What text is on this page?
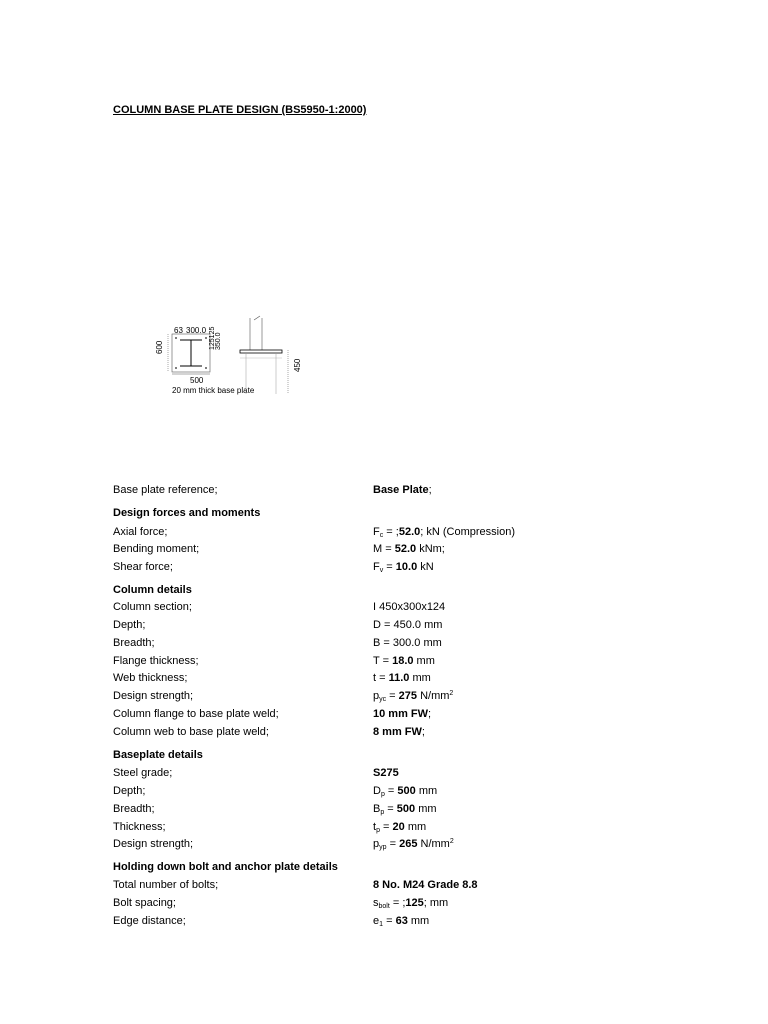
COLUMN BASE PLATE DESIGN (BS5950-1:2000)
63 300.0
600	125125 350.0
500
20 mm thick base plate
450
Base plate reference;	Base Plate;
Design forces and moments
Axial force;	$F_c$ = ;52.0; kN (Compression)
Bending moment;	M = 52.0 kNm;
Shear force;	$F_v = 10.0$ kN
Column details
Column section;	I 450x300x124
Depth;	D = 450.0 mm
Breadth;	B = 300.0 mm
Flange thickness;	T = 18.0 mm
Web thickness;	t = 11.0 mm
Design strength;	$p_{yc} = 275$ $N/mm^2$
Column flange to base plate weld;	10 mm FW;
Column web to base plate weld;	8 mm FW;
Baseplate details
Steel grade;	S275
Depth;	$D_p = 500$ mm
Breadth;	$B_p = 500$ mm
Thickness;	$t_p = 20$ mm
Design strength;	$p_{yp} = 265$ $N/mm^2$
Holding down bolt and anchor plate details
Total number of bolts;	8 No. M24 Grade 8.8
Bolt spacing;	$s_{bolt}$ = ;125; mm
Edge distance;	$e_1 = 63$ mm
